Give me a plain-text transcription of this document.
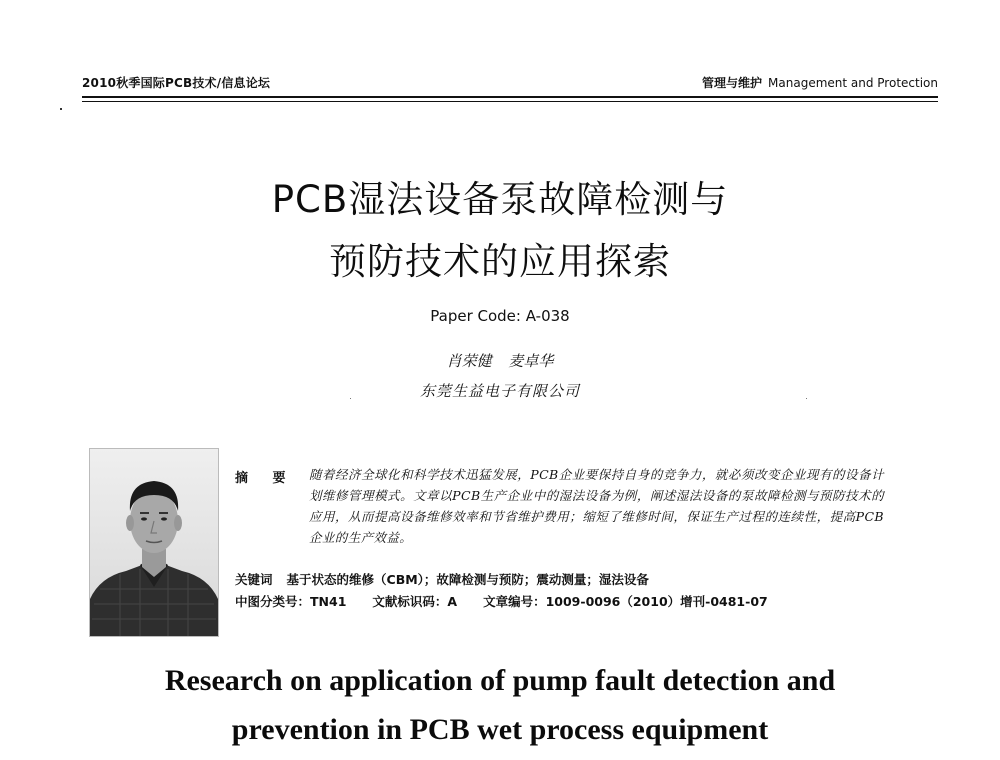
2010秋季国际PCB技术/信息论坛	管理与维护 Management and Protection
PCB湿法设备泵故障检测与
预防技术的应用探索
Paper Code: A-038
肖荣健 麦卓华
东莞生益电子有限公司
摘 要 随着经济全球化和科学技术迅猛发展，PCB企业要保持自身的竞争力，就必须改变企业现有的设备计划维修管理模式。文章以PCB生产企业中的湿法设备为例，阐述湿法设备的泵故障检测与预防技术的应用，从而提高设备维修效率和节省维护费用；缩短了维修时间，保证生产过程的连续性，提高PCB企业的生产效益。
关键词 基于状态的维修（CBM）；故障检测与预防；震动测量；湿法设备
中图分类号：TN41 文献标识码：A 文章编号：1009-0096（2010）增刊-0481-07
Research on application of pump fault detection and
prevention in PCB wet process equipment
